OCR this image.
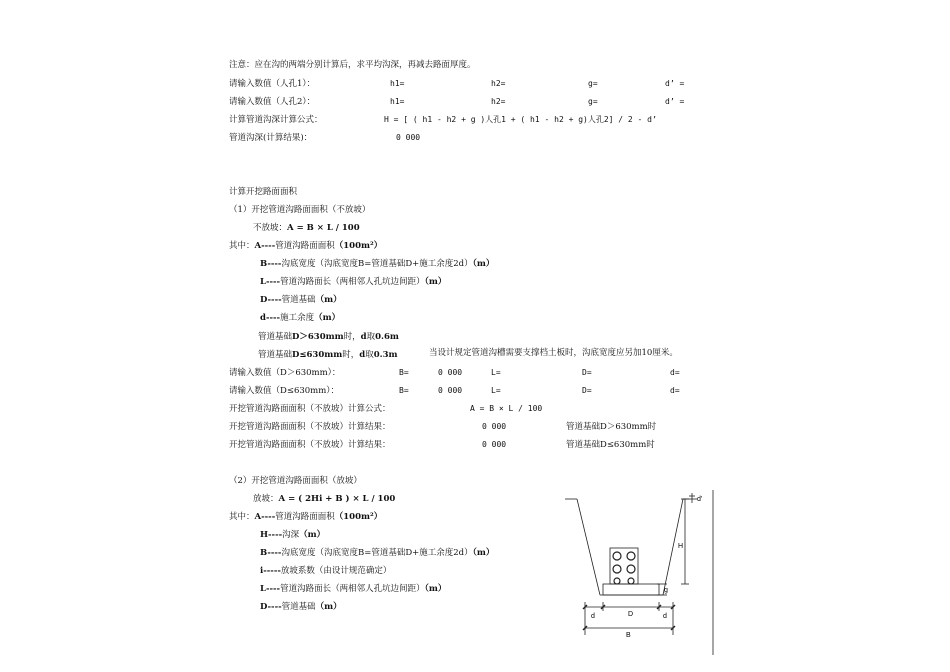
注意：应在沟的两端分别计算后，求平均沟深，再减去路面厚度。
请输入数值（人孔1）：	h1=	h2=	g=	d’ =
请输入数值（人孔2）：	h1=	h2=	g=	d’ =
计算管道沟深计算公式：	H = [ ( h1 - h2 + g )人孔1 + ( h1 - h2 + g)人孔2] / 2 - d’
管道沟深(计算结果)：	0 000
计算开挖路面面积
（1）开挖管道沟路面面积（不放坡）
不放坡：A = B × L / 100
其中：A----管道沟路面面积（100m²）
B----沟底宽度（沟底宽度B=管道基础D+施工余度2d）（m）
L----管道沟路面长（两相邻人孔坑边间距）（m）
D----管道基础（m）
d----施工余度（m）
管道基础D＞630mm时，d取0.6m
管道基础D≤630mm时，d取0.3m	当设计规定管道沟槽需要支撑档土板时，沟底宽度应另加10厘米。
请输入数值（D＞630mm）：	B=	0 000	L=	D=	d=
请输入数值（D≤630mm）：	B=	0 000	L=	D=	d=
开挖管道沟路面面积（不放坡）计算公式：	A = B × L / 100
开挖管道沟路面面积（不放坡）计算结果：	0 000	管道基础D＞630mm时
开挖管道沟路面面积（不放坡）计算结果：	0 000	管道基础D≤630mm时
（2）开挖管道沟路面面积（放坡）
放坡：A = ( 2Hi + B ) × L / 100
其中：A----管道沟路面面积（100m²）
H----沟深（m）
B----沟底宽度（沟底宽度B=管道基础D+施工余度2d）（m）
i-----放坡系数（由设计规范确定）
L----管道沟路面长（两相邻人孔坑边间距）（m）
D----管道基础（m）
d'
H
g
D
d	d
B
